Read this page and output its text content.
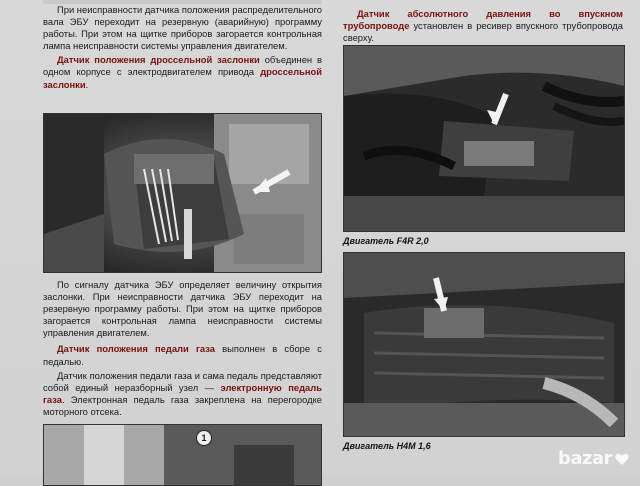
При неисправности датчика положения распределительного вала ЭБУ переходит на резервную (аварийную) программу работы. При этом на щитке приборов загорается контрольная лампа неисправности системы управления двигателем.

Датчик положения дроссельной заслонки объединен в одном корпусе с электродвигателем привода дроссельной заслонки.

По сигналу датчика ЭБУ определяет величину открытия заслонки. При неисправности датчика ЭБУ переходит на резервную программу работы. При этом на щитке приборов загорается контрольная лампа неисправности системы управления двигателем.

Датчик положения педали газа выполнен в сборе с педалью.

Датчик положения педали газа и сама педаль представляют собой единый неразборный узел — электронную педаль газа. Электронная педаль газа закреплена на перегородке моторного отсека.

1

Датчик абсолютного давления во впускном трубопроводе установлен в ресивер впускного трубопровода сверху.

Двигатель F4R 2,0
Двигатель H4M 1,6
bazar
